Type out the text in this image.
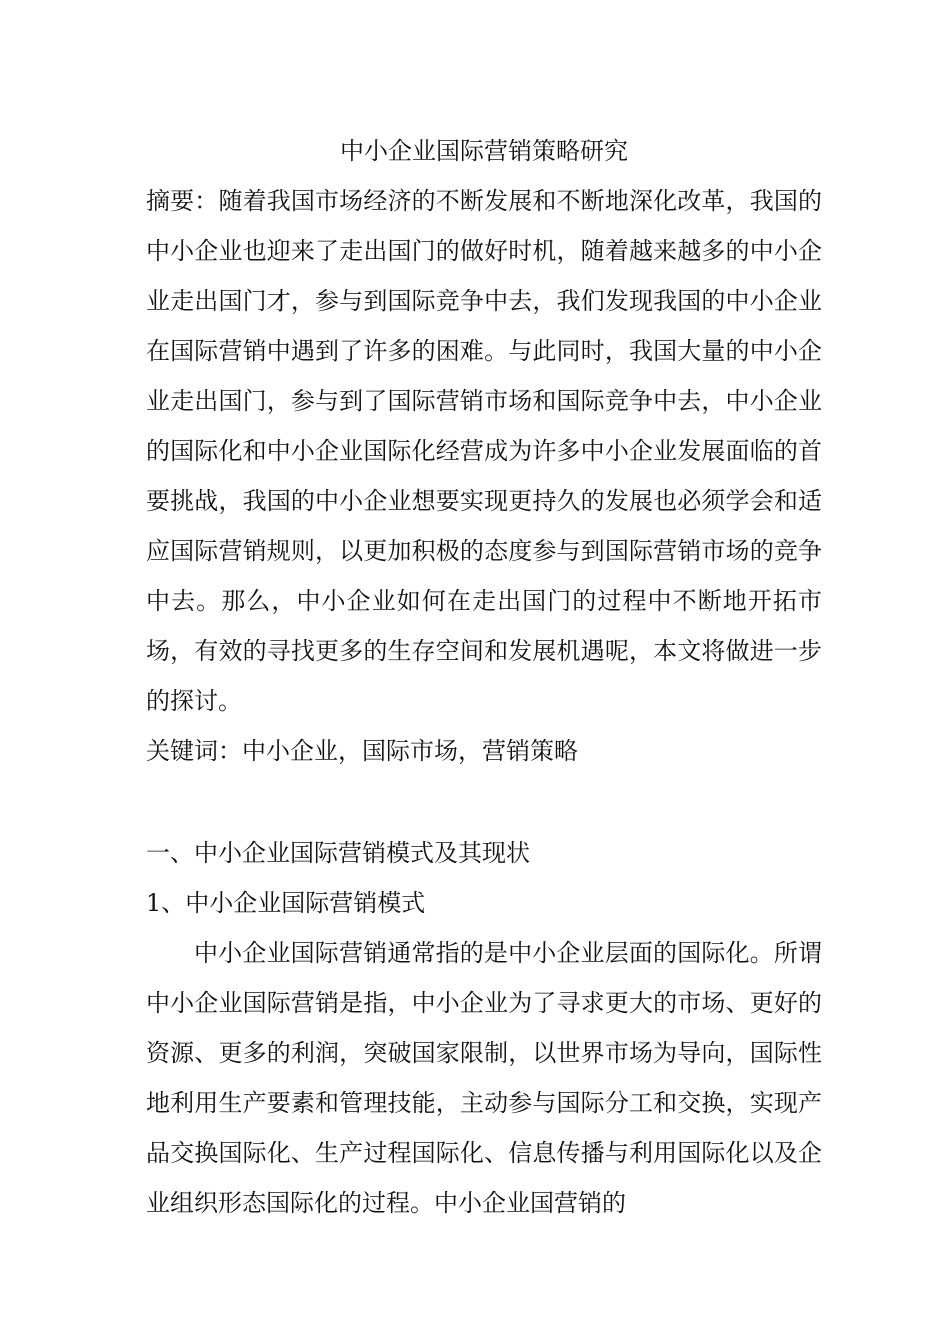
中小企业国际营销策略研究

摘要：随着我国市场经济的不断发展和不断地深化改革，我国的中小企业也迎来了走出国门的做好时机，随着越来越多的中小企业走出国门才，参与到国际竞争中去，我们发现我国的中小企业在国际营销中遇到了许多的困难。与此同时，我国大量的中小企业走出国门，参与到了国际营销市场和国际竞争中去，中小企业的国际化和中小企业国际化经营成为许多中小企业发展面临的首要挑战，我国的中小企业想要实现更持久的发展也必须学会和适应国际营销规则，以更加积极的态度参与到国际营销市场的竞争中去。那么，中小企业如何在走出国门的过程中不断地开拓市场，有效的寻找更多的生存空间和发展机遇呢，本文将做进一步的探讨。

关键词：中小企业，国际市场，营销策略

一、中小企业国际营销模式及其现状
1、中小企业国际营销模式

中小企业国际营销通常指的是中小企业层面的国际化。所谓中小企业国际营销是指，中小企业为了寻求更大的市场、更好的资源、更多的利润，突破国家限制，以世界市场为导向，国际性地利用生产要素和管理技能，主动参与国际分工和交换，实现产品交换国际化、生产过程国际化、信息传播与利用国际化以及企业组织形态国际化的过程。中小企业国营销的
